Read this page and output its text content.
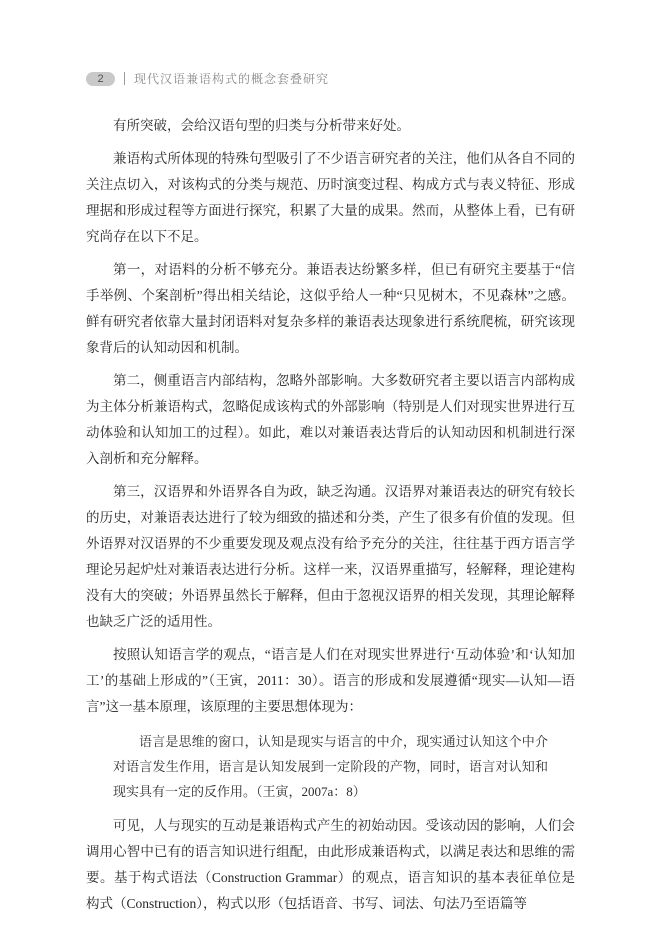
2	现代汉语兼语构式的概念套叠研究

有所突破，会给汉语句型的归类与分析带来好处。

兼语构式所体现的特殊句型吸引了不少语言研究者的关注，他们从各自不同的关注点切入，对该构式的分类与规范、历时演变过程、构成方式与表义特征、形成理据和形成过程等方面进行探究，积累了大量的成果。然而，从整体上看，已有研究尚存在以下不足。

第一，对语料的分析不够充分。兼语表达纷繁多样，但已有研究主要基于“信手举例、个案剖析”得出相关结论，这似乎给人一种“只见树木，不见森林”之感。鲜有研究者依靠大量封闭语料对复杂多样的兼语表达现象进行系统爬梳，研究该现象背后的认知动因和机制。

第二，侧重语言内部结构，忽略外部影响。大多数研究者主要以语言内部构成为主体分析兼语构式，忽略促成该构式的外部影响（特别是人们对现实世界进行互动体验和认知加工的过程）。如此，难以对兼语表达背后的认知动因和机制进行深入剖析和充分解释。

第三，汉语界和外语界各自为政，缺乏沟通。汉语界对兼语表达的研究有较长的历史，对兼语表达进行了较为细致的描述和分类，产生了很多有价值的发现。但外语界对汉语界的不少重要发现及观点没有给予充分的关注，往往基于西方语言学理论另起炉灶对兼语表达进行分析。这样一来，汉语界重描写，轻解释，理论建构没有大的突破；外语界虽然长于解释，但由于忽视汉语界的相关发现，其理论解释也缺乏广泛的适用性。

按照认知语言学的观点，“语言是人们在对现实世界进行‘互动体验’和‘认知加工’的基础上形成的”（王寅，2011：30）。语言的形成和发展遵循“现实—认知—语言”这一基本原理，该原理的主要思想体现为：

语言是思维的窗口，认知是现实与语言的中介，现实通过认知这个中介对语言发生作用，语言是认知发展到一定阶段的产物，同时，语言对认知和现实具有一定的反作用。（王寅，2007a：8）

可见，人与现实的互动是兼语构式产生的初始动因。受该动因的影响，人们会调用心智中已有的语言知识进行组配，由此形成兼语构式，以满足表达和思维的需要。基于构式语法（Construction Grammar）的观点，语言知识的基本表征单位是构式（Construction），构式以形（包括语音、书写、词法、句法乃至语篇等
